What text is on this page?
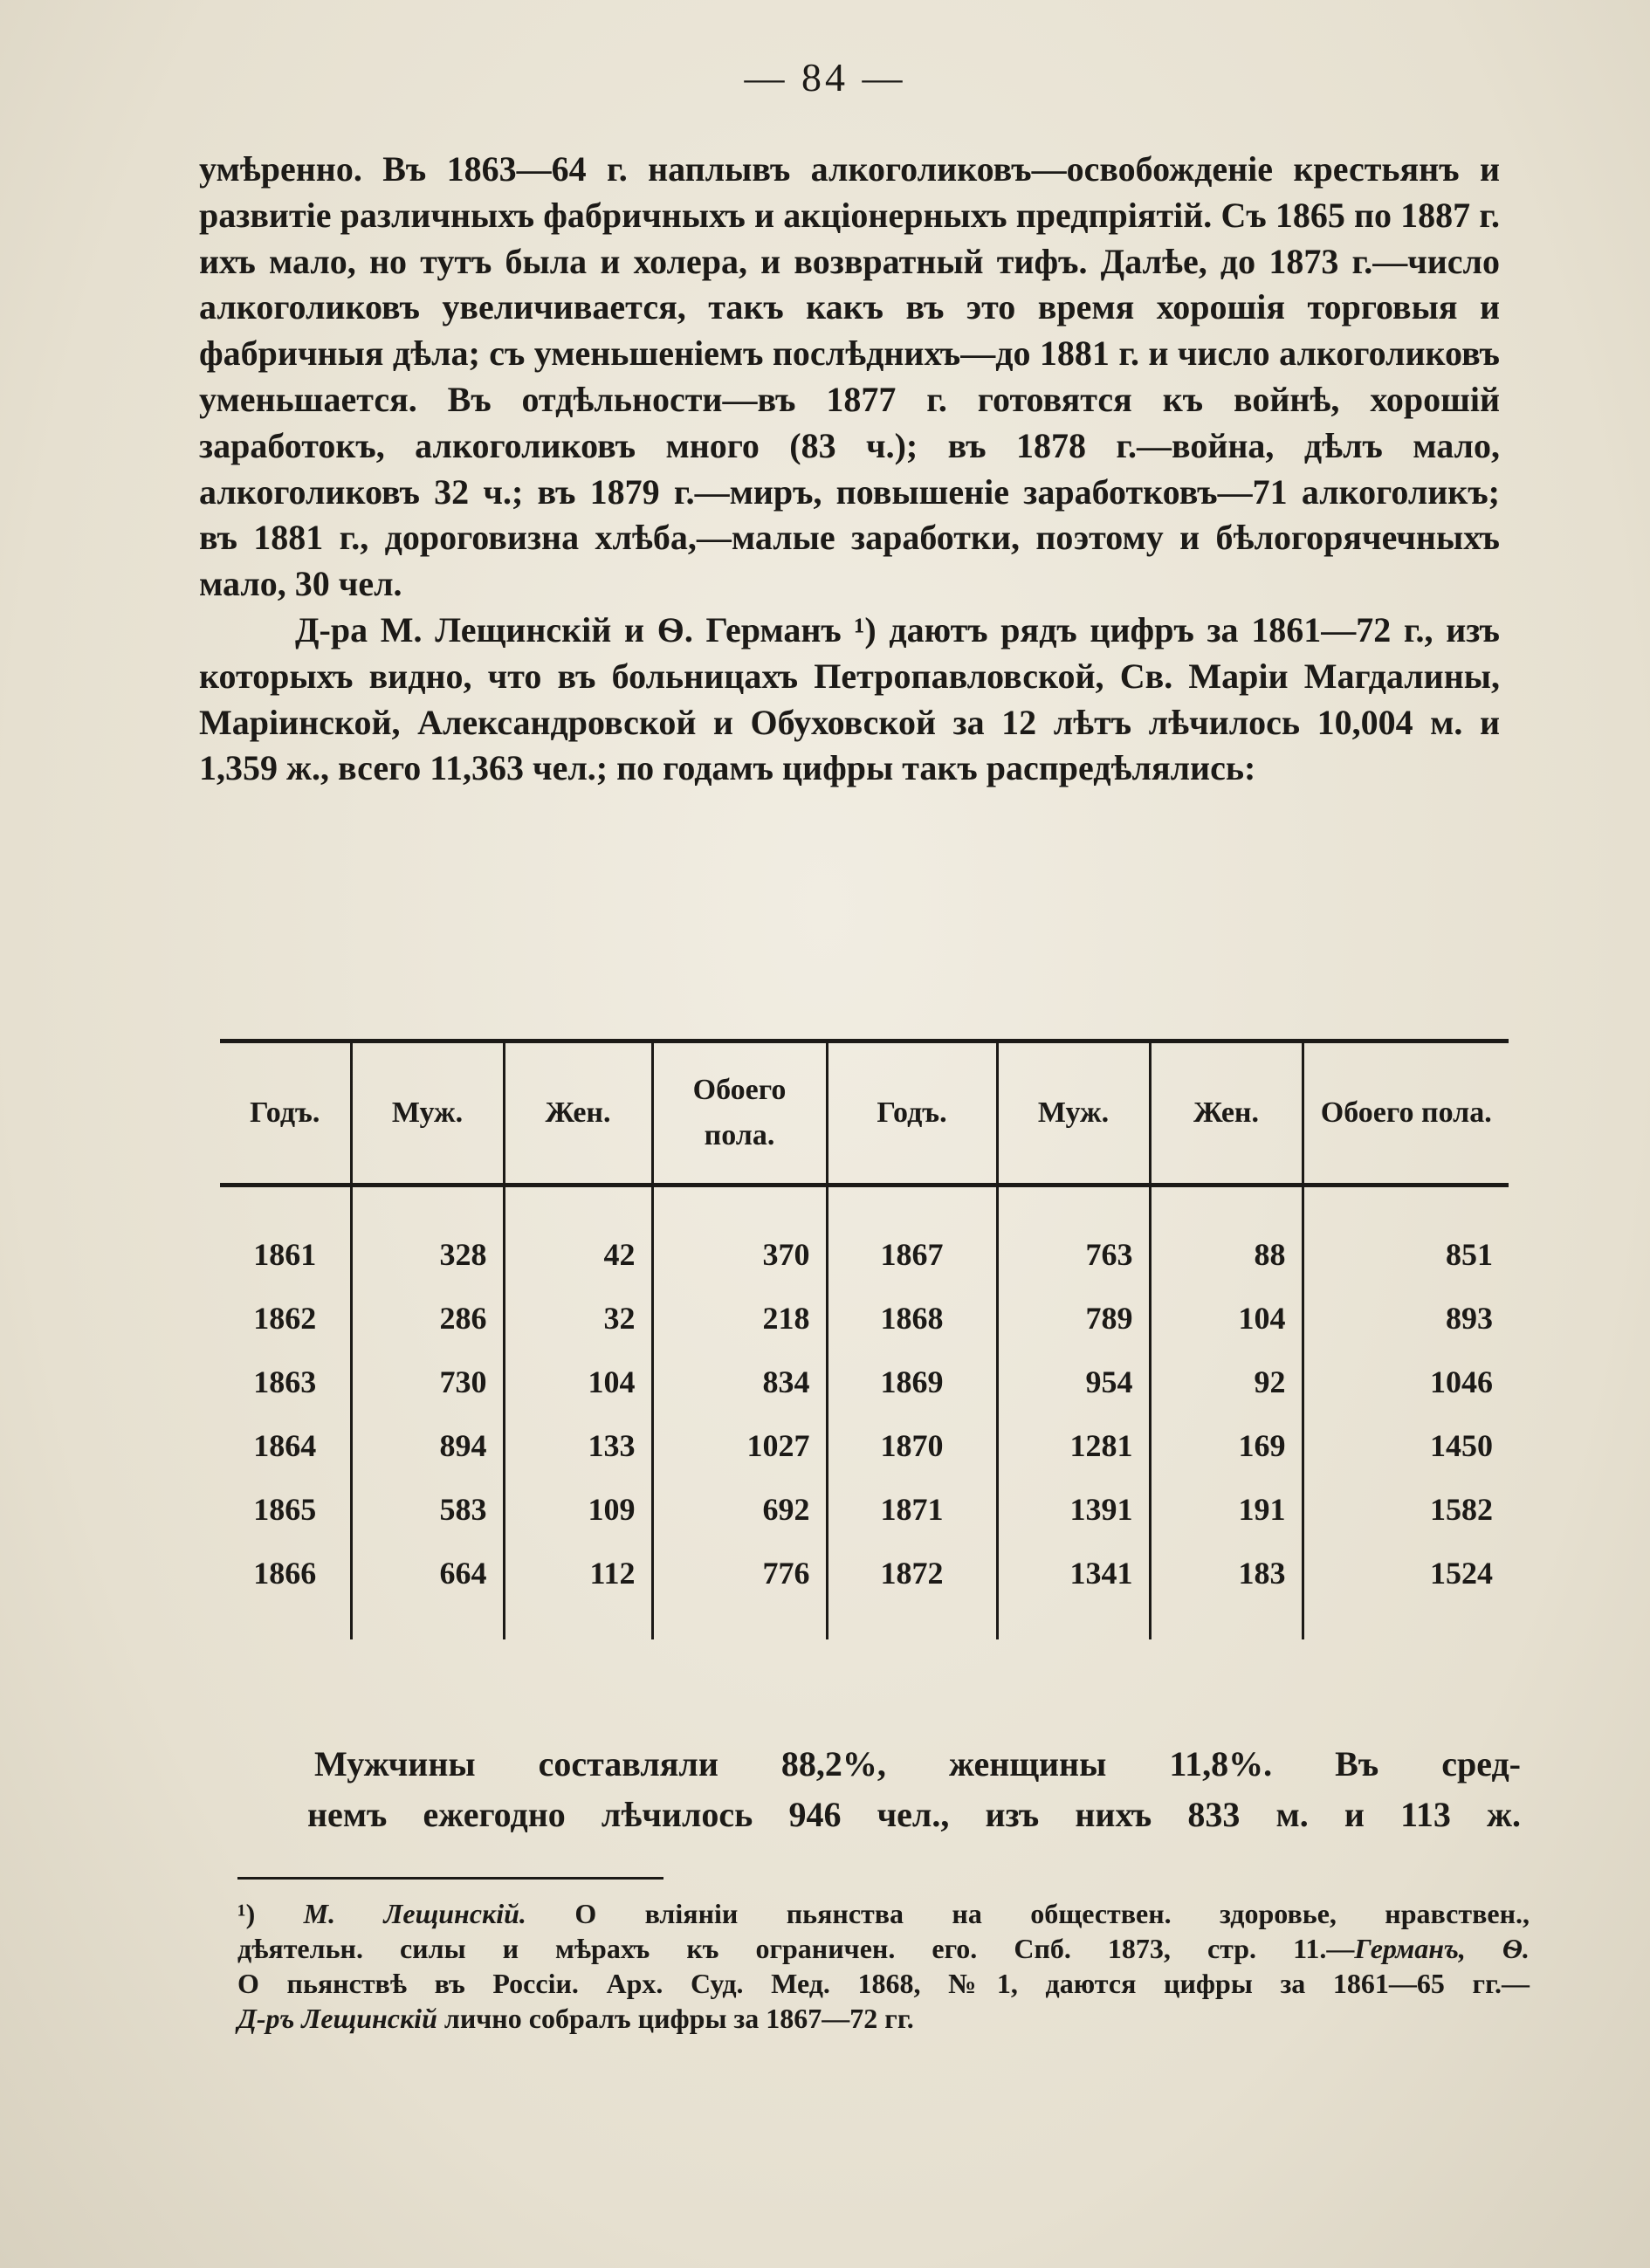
— 84 —

умѣренно. Въ 1863—64 г. наплывъ алкоголиковъ—освобожденіе крестьянъ и развитіе различныхъ фабричныхъ и акціонерныхъ предпріятій. Съ 1865 по 1887 г. ихъ мало, но тутъ была и холера, и возвратный тифъ. Далѣе, до 1873 г.—число алкоголиковъ увеличивается, такъ какъ въ это время хорошія торговыя и фабричныя дѣла; съ уменьшеніемъ послѣднихъ—до 1881 г. и число алкоголиковъ уменьшается. Въ отдѣльности—въ 1877 г. готовятся къ войнѣ, хорошій заработокъ, алкоголиковъ много (83 ч.); въ 1878 г.—война, дѣлъ мало, алкоголиковъ 32 ч.; въ 1879 г.—миръ, повышеніе заработковъ—71 алкоголикъ; въ 1881 г., дороговизна хлѣба,—малые заработки, поэтому и бѣлогорячечныхъ мало, 30 чел.

Д-ра М. Лещинскій и Ѳ. Германъ ¹) даютъ рядъ цифръ за 1861—72 г., изъ которыхъ видно, что въ больницахъ Петропавловской, Св. Маріи Магдалины, Маріинской, Александровской и Обуховской за 12 лѣтъ лѣчилось 10,004 м. и 1,359 ж., всего 11,363 чел.; по годамъ цифры такъ распредѣлялись:

Годъ.	Муж.	Жен.	Обоего пола.	Годъ.	Муж.	Жен.	Обоего пола.

1861	328	42	370	1867	763	88	851
1862	286	32	218	1868	789	104	893
1863	730	104	834	1869	954	92	1046
1864	894	133	1027	1870	1281	169	1450
1865	583	109	692	1871	1391	191	1582
1866	664	112	776	1872	1341	183	1524

Мужчины составляли 88,2%, женщины 11,8%. Въ сред-
немъ ежегодно лѣчилось 946 чел., изъ нихъ 833 м. и 113 ж.
¹) М. Лещинскій. О вліяніи пьянства на обществен. здоровье, нравствен.,
дѣятельн. силы и мѣрахъ къ ограничен. его. Спб. 1873, стр. 11.—Германъ, Ѳ.
О пьянствѣ въ Россіи. Арх. Суд. Мед. 1868, №1, даются цифры за 1861—65 гг.—
Д-ръ Лещинскій лично собралъ цифры за 1867—72 гг.
